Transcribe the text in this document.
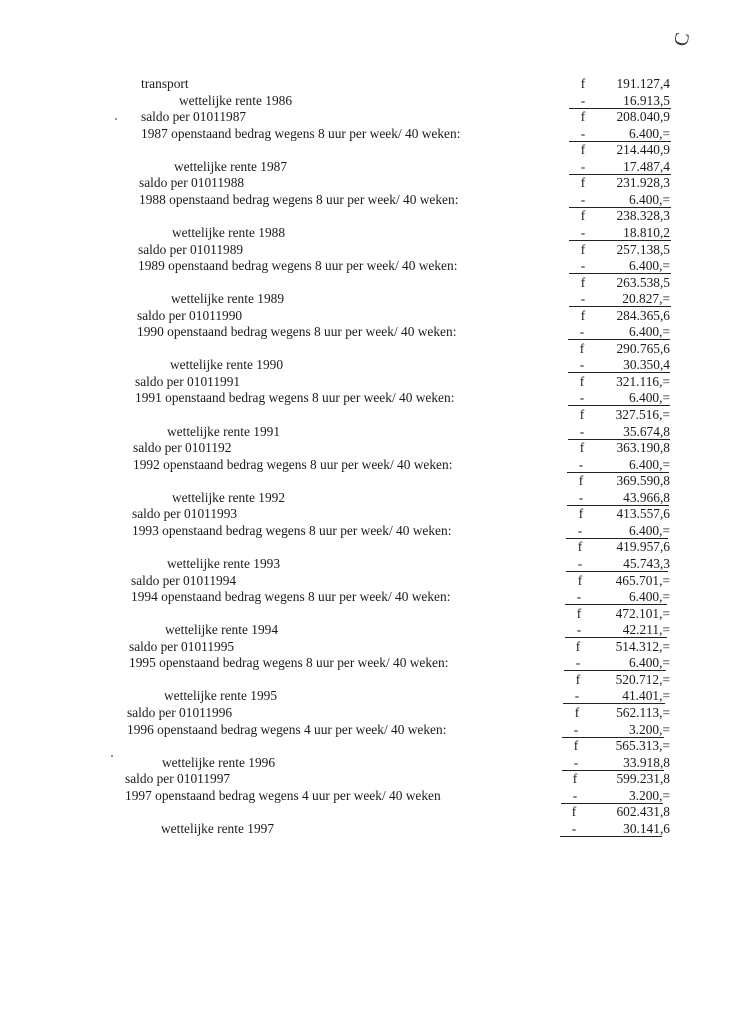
C
transport	f 191.127,4
wettelijke rente 1986	-	16.913,5
saldo per 01011987	f 208.040,9
1987 openstaand bedrag wegens 8 uur per week/ 40 weken:	-	6.400,=
f 214.440,9
wettelijke rente 1987	-	17.487,4
saldo per 01011988	f 231.928,3
1988 openstaand bedrag wegens 8 uur per week/ 40 weken:	-	6.400,=
f 238.328,3
wettelijke rente 1988	-	18.810,2
saldo per 01011989	f 257.138,5
1989 openstaand bedrag wegens 8 uur per week/ 40 weken:	-	6.400,=
f 263.538,5
wettelijke rente 1989	-	20.827,=
saldo per 01011990	f 284.365,6
1990 openstaand bedrag wegens 8 uur per week/ 40 weken:	-	6.400,=
f 290.765,6
wettelijke rente 1990	-	30.350,4
saldo per 01011991	f 321.116,=
1991 openstaand bedrag wegens 8 uur per week/ 40 weken:	-	6.400,=
f 327.516,=
wettelijke rente 1991	-	35.674,8
saldo per 0101192	f 363.190,8
1992 openstaand bedrag wegens 8 uur per week/ 40 weken:	-	6.400,=
f 369.590,8
wettelijke rente 1992	-	43.966,8
saldo per 01011993	f 413.557,6
1993 openstaand bedrag wegens 8 uur per week/ 40 weken:	-	6.400,=
f	419.957,6
wettelijke rente 1993	-	45.743,3
saldo per 01011994	f 465.701,=
1994 openstaand bedrag wegens 8 uur per week/ 40 weken:	-	6.400,=
f	472.101,=
wettelijke rente 1994	-	42.211,=
saldo per 01011995	f	514.312,=
1995 openstaand bedrag wegens 8 uur per week/ 40 weken:	-	6.400,=
f	520.712,=
wettelijke rente 1995	-	41.401,=
saldo per 01011996	f	562.113,=
1996 openstaand bedrag wegens 4 uur per week/ 40 weken:	-	3.200,=
f	565.313,=
wettelijke rente 1996	-	33.918,8
saldo per 01011997	f	599.231,8
1997 openstaand bedrag wegens 4 uur per week/ 40 weken	-	3.200,=
f	602.431,8
wettelijke rente 1997	-	30.141,6
